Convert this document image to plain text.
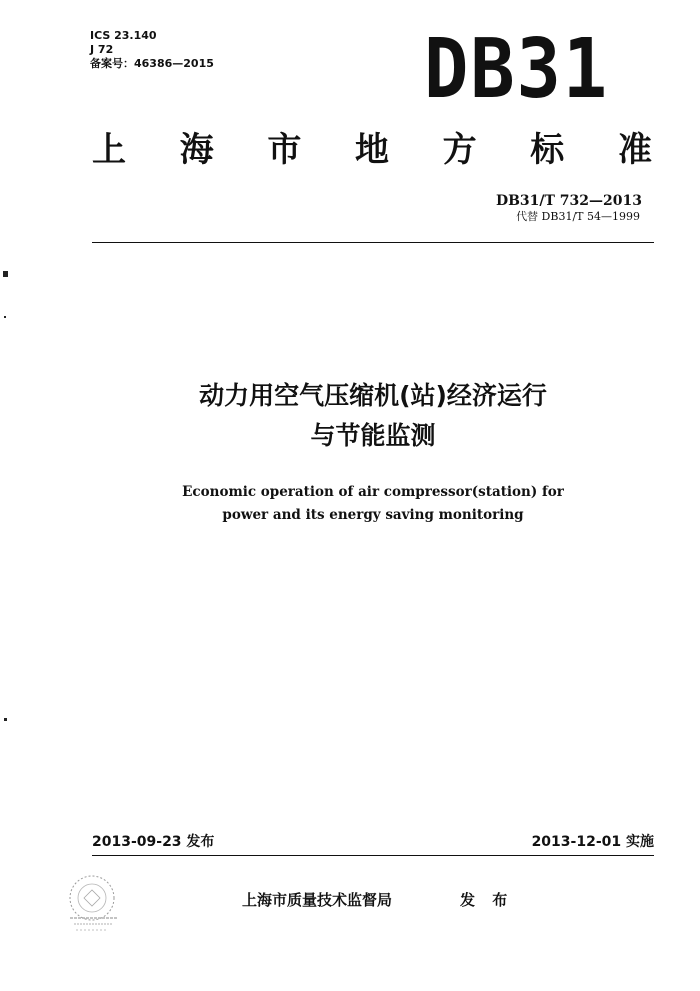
ICS 23.140
J 72
备案号：46386—2015	DB31
上 海 市 地 方 标 准
DB31/T 732—2013
代替 DB31/T 54—1999
动力用空气压缩机(站)经济运行
与节能监测
Economic operation of air compressor(station) for
power and its energy saving monitoring
2013-09-23 发布	2013-12-01 实施
上海市质量技术监督局	发 布
